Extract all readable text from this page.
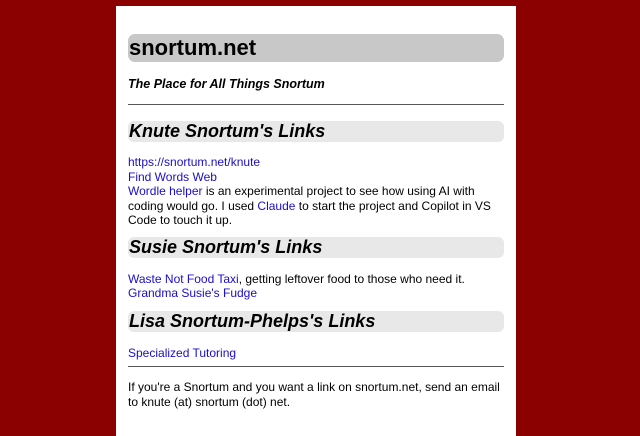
snortum.net
The Place for All Things Snortum
Knute Snortum's Links
https://snortum.net/knute
Find Words Web
Wordle helper is an experimental project to see how using AI with coding would go. I used Claude to start the project and Copilot in VS Code to touch it up.
Susie Snortum's Links
Waste Not Food Taxi, getting leftover food to those who need it.
Grandma Susie's Fudge
Lisa Snortum-Phelps's Links
Specialized Tutoring
If you're a Snortum and you want a link on snortum.net, send an email to knute (at) snortum (dot) net.
